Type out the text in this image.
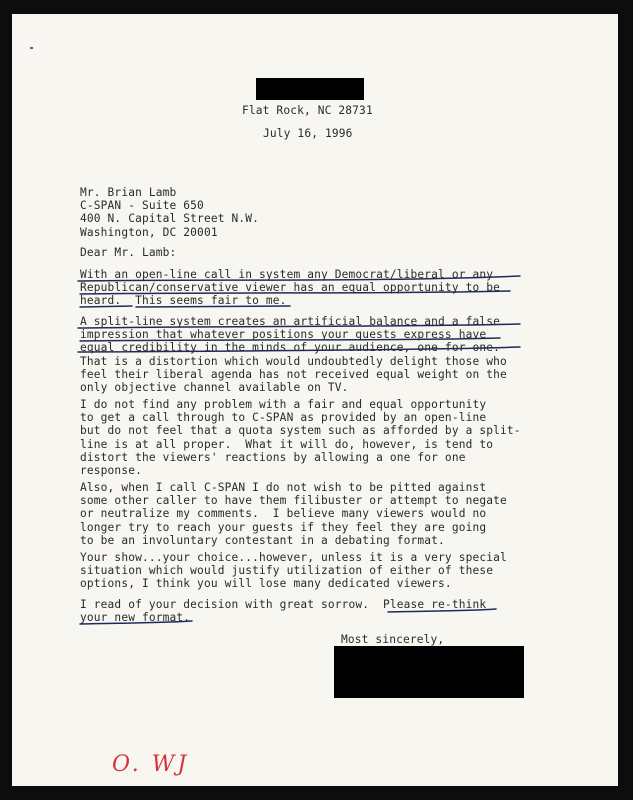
Flat Rock, NC 28731
July 16, 1996
Mr. Brian Lamb
C-SPAN - Suite 650
400 N. Capital Street N.W.
Washington, DC 20001
Dear Mr. Lamb:
With an open-line call in system any Democrat/liberal or any
Republican/conservative viewer has an equal opportunity to be
heard.  This seems fair to me.
A split-line system creates an artificial balance and a false
impression that whatever positions your guests express have
equal credibility in the minds of your audience, one for one.
That is a distortion which would undoubtedly delight those who
feel their liberal agenda has not received equal weight on the
only objective channel available on TV.
I do not find any problem with a fair and equal opportunity
to get a call through to C-SPAN as provided by an open-line
but do not feel that a quota system such as afforded by a split-
line is at all proper.  What it will do, however, is tend to
distort the viewers' reactions by allowing a one for one
response.
Also, when I call C-SPAN I do not wish to be pitted against
some other caller to have them filibuster or attempt to negate
or neutralize my comments.  I believe many viewers would no
longer try to reach your guests if they feel they are going
to be an involuntary contestant in a debating format.
Your show...your choice...however, unless it is a very special
situation which would justify utilization of either of these
options, I think you will lose many dedicated viewers.
I read of your decision with great sorrow.  Please re-think
your new format.
Most sincerely,
O. WJ
